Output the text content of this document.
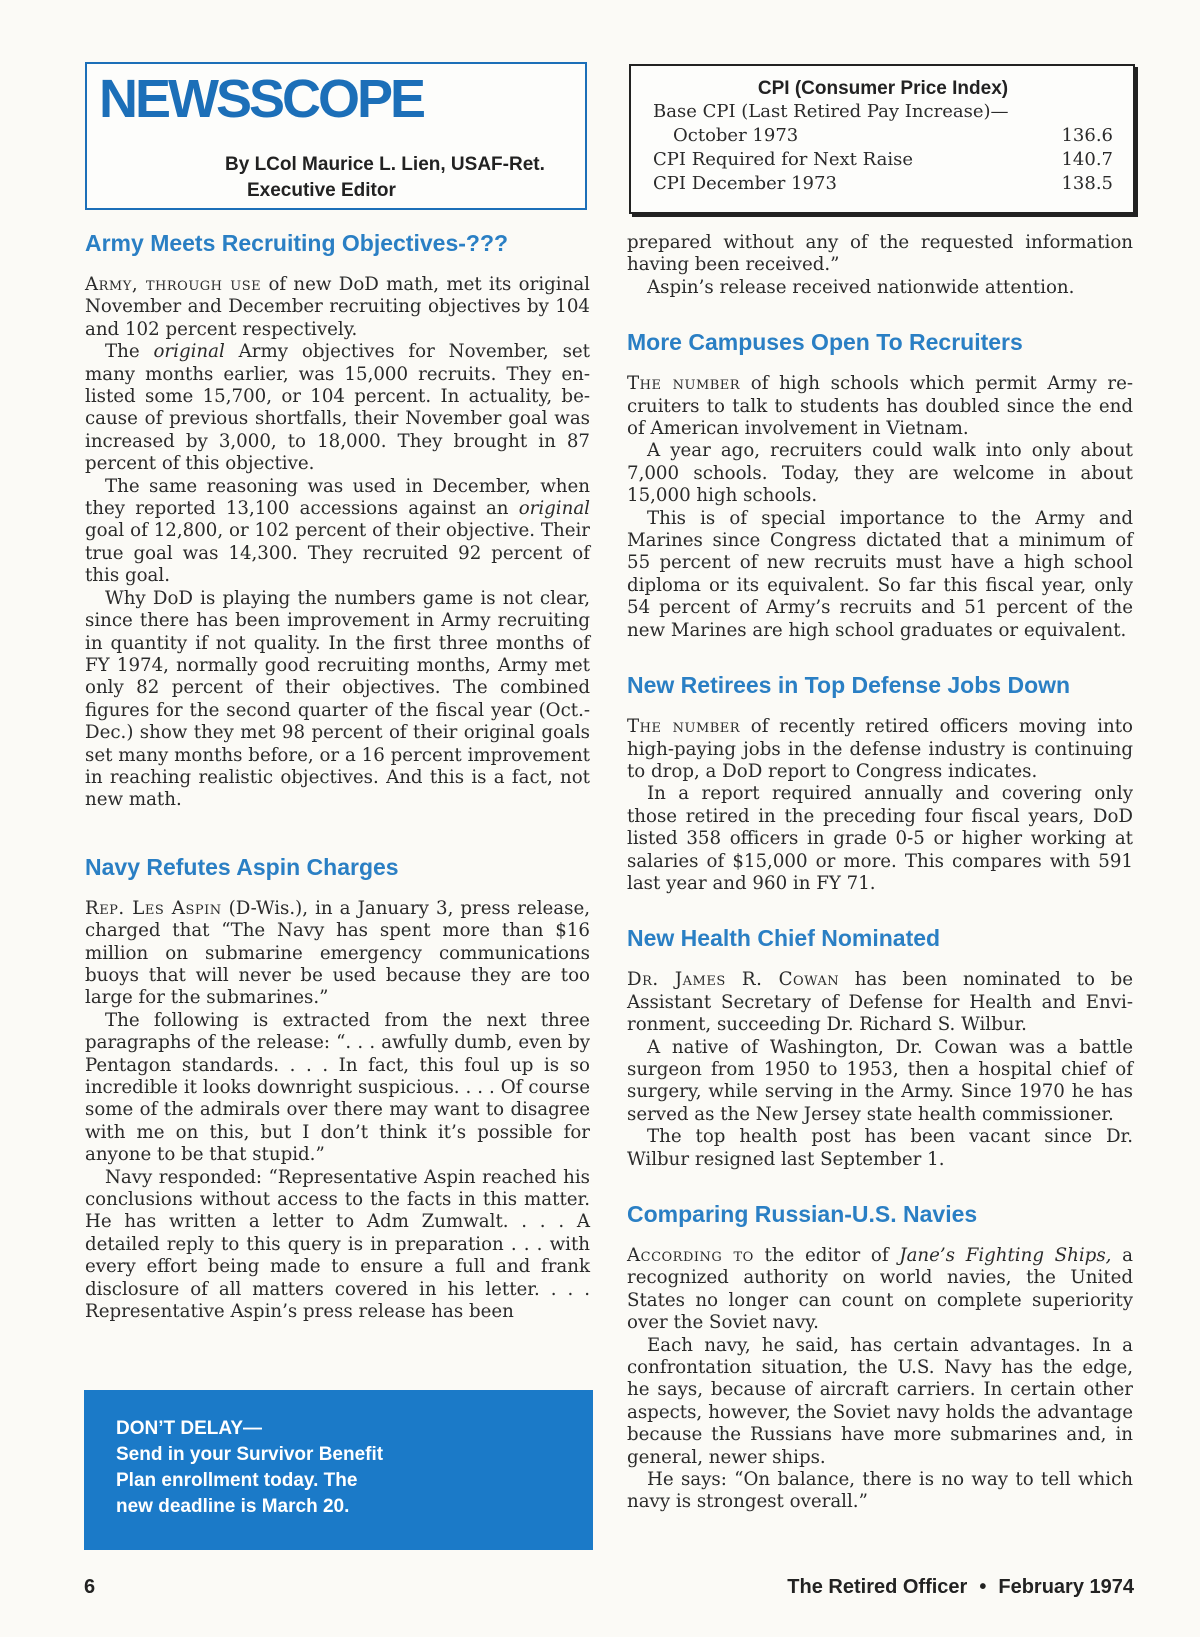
NEWSSCOPE
By LCol Maurice L. Lien, USAF-Ret.
Executive Editor
CPI (Consumer Price Index)
Base CPI (Last Retired Pay Increase)—
October 1973	136.6
CPI Required for Next Raise	140.7
CPI December 1973	138.5
Army Meets Recruiting Objectives-???

Army, through use of new DoD math, met its original November and December recruiting objectives by 104 and 102 percent respectively.

The original Army objectives for November, set many months earlier, was 15,000 recruits. They enlisted some 15,700, or 104 percent. In actuality, because of previous shortfalls, their November goal was increased by 3,000, to 18,000. They brought in 87 percent of this objective.

The same reasoning was used in December, when they reported 13,100 accessions against an original goal of 12,800, or 102 percent of their objective. Their true goal was 14,300. They recruited 92 percent of this goal.

Why DoD is playing the numbers game is not clear, since there has been improvement in Army recruiting in quantity if not quality. In the first three months of FY 1974, normally good recruiting months, Army met only 82 percent of their objectives. The combined figures for the second quarter of the fiscal year (Oct.-Dec.) show they met 98 percent of their original goals set many months before, or a 16 percent improvement in reaching realistic objectives. And this is a fact, not new math.

Navy Refutes Aspin Charges

Rep. Les Aspin (D-Wis.), in a January 3, press release, charged that “The Navy has spent more than $16 million on submarine emergency communications buoys that will never be used because they are too large for the submarines.”

The following is extracted from the next three paragraphs of the release: “. . . awfully dumb, even by Pentagon standards. . . . In fact, this foul up is so incredible it looks downright suspicious. . . . Of course some of the admirals over there may want to disagree with me on this, but I don’t think it’s possible for anyone to be that stupid.”

Navy responded: “Representative Aspin reached his conclusions without access to the facts in this matter. He has written a letter to Adm Zumwalt. . . . A detailed reply to this query is in preparation . . . with every effort being made to ensure a full and frank disclosure of all matters covered in his letter. . . . Representative Aspin’s press release has been

DON’T DELAY—
Send in your Survivor Benefit
Plan enrollment today. The
new deadline is March 20.

prepared without any of the requested information having been received.”

Aspin’s release received nationwide attention.

More Campuses Open To Recruiters

The number of high schools which permit Army recruiters to talk to students has doubled since the end of American involvement in Vietnam.

A year ago, recruiters could walk into only about 7,000 schools. Today, they are welcome in about 15,000 high schools.

This is of special importance to the Army and Marines since Congress dictated that a minimum of 55 percent of new recruits must have a high school diploma or its equivalent. So far this fiscal year, only 54 percent of Army’s recruits and 51 percent of the new Marines are high school graduates or equivalent.

New Retirees in Top Defense Jobs Down

The number of recently retired officers moving into high-paying jobs in the defense industry is continuing to drop, a DoD report to Congress indicates.

In a report required annually and covering only those retired in the preceding four fiscal years, DoD listed 358 officers in grade 0-5 or higher working at salaries of $15,000 or more. This compares with 591 last year and 960 in FY 71.

New Health Chief Nominated

Dr. James R. Cowan has been nominated to be Assistant Secretary of Defense for Health and Environment, succeeding Dr. Richard S. Wilbur.

A native of Washington, Dr. Cowan was a battle surgeon from 1950 to 1953, then a hospital chief of surgery, while serving in the Army. Since 1970 he has served as the New Jersey state health commissioner.

The top health post has been vacant since Dr. Wilbur resigned last September 1.

Comparing Russian-U.S. Navies

According to the editor of Jane’s Fighting Ships, a recognized authority on world navies, the United States no longer can count on complete superiority over the Soviet navy.

Each navy, he said, has certain advantages. In a confrontation situation, the U.S. Navy has the edge, he says, because of aircraft carriers. In certain other aspects, however, the Soviet navy holds the advantage because the Russians have more submarines and, in general, newer ships.

He says: “On balance, there is no way to tell which navy is strongest overall.”

6	The Retired Officer • February 1974
